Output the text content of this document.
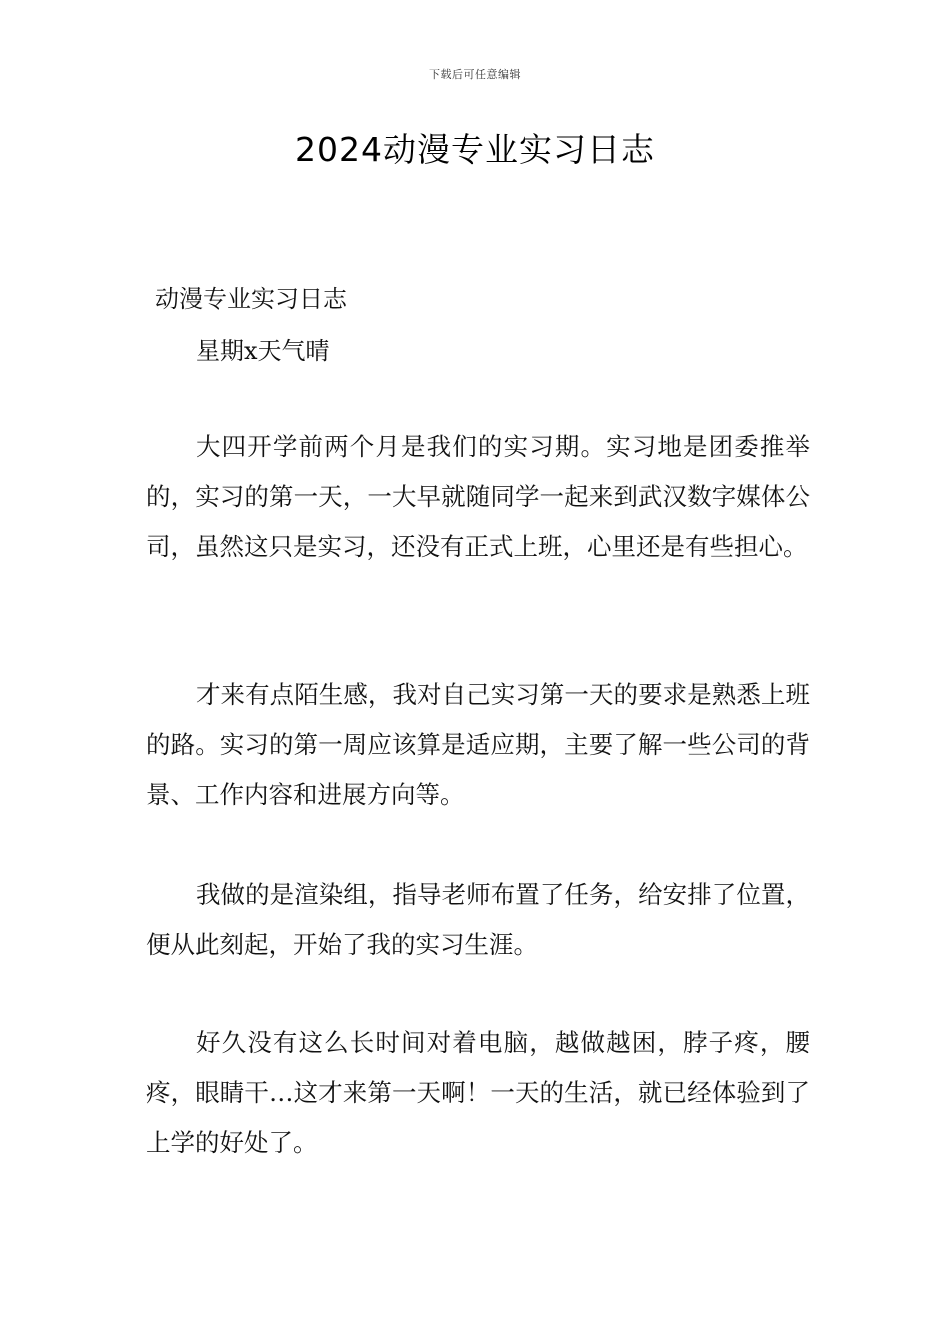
下载后可任意编辑
2024动漫专业实习日志

动漫专业实习日志

星期x天气晴

大四开学前两个月是我们的实习期。实习地是团委推举的，实习的第一天，一大早就随同学一起来到武汉数字媒体公司，虽然这只是实习，还没有正式上班，心里还是有些担心。

才来有点陌生感，我对自己实习第一天的要求是熟悉上班的路。实习的第一周应该算是适应期，主要了解一些公司的背景、工作内容和进展方向等。

我做的是渲染组，指导老师布置了任务，给安排了位置，便从此刻起，开始了我的实习生涯。

好久没有这么长时间对着电脑，越做越困，脖子疼，腰疼，眼睛干…这才来第一天啊！一天的生活，就已经体验到了上学的好处了。
